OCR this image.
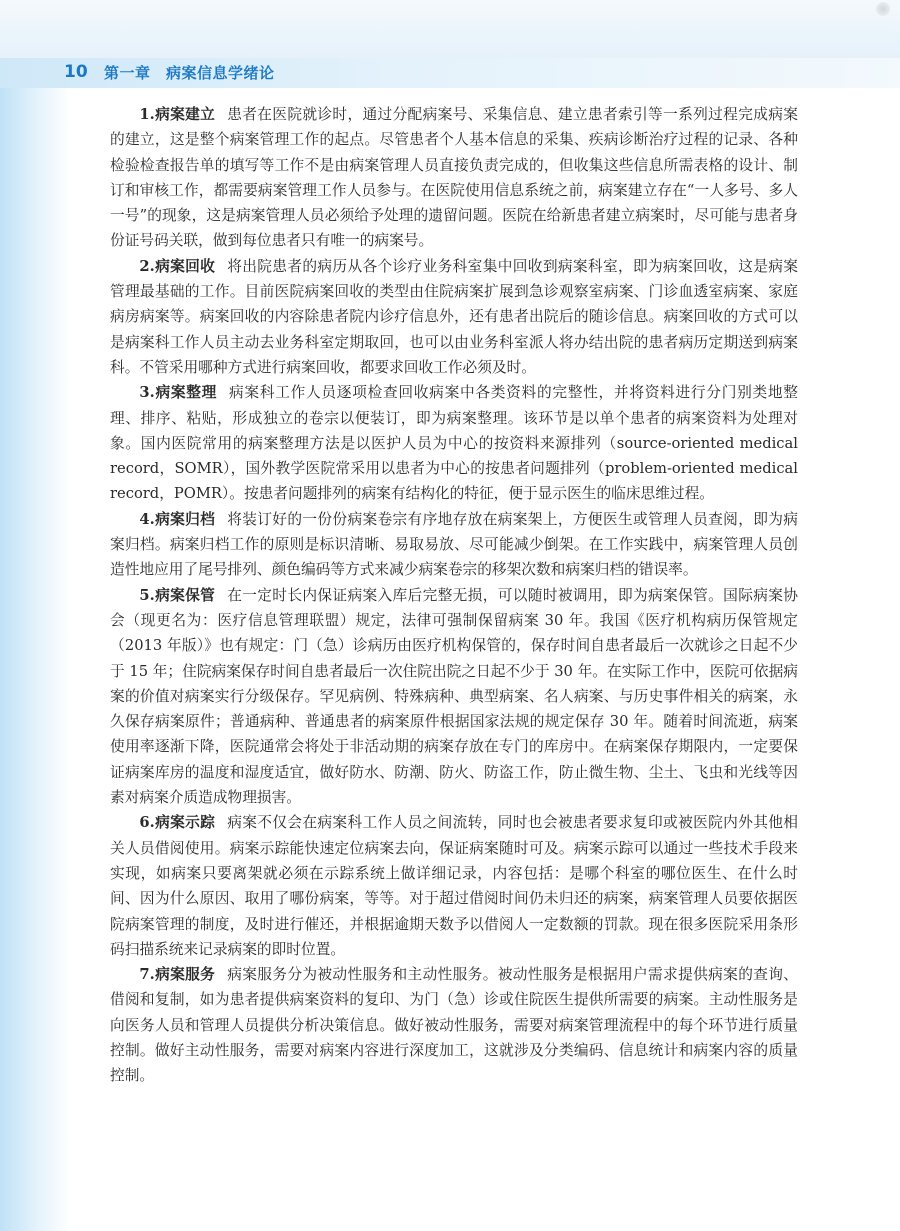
10 第一章　病案信息学绪论

1.病案建立 患者在医院就诊时，通过分配病案号、采集信息、建立患者索引等一系列过程完成病案的建立，这是整个病案管理工作的起点。尽管患者个人基本信息的采集、疾病诊断治疗过程的记录、各种检验检查报告单的填写等工作不是由病案管理人员直接负责完成的，但收集这些信息所需表格的设计、制订和审核工作，都需要病案管理工作人员参与。在医院使用信息系统之前，病案建立存在“一人多号、多人一号”的现象，这是病案管理人员必须给予处理的遗留问题。医院在给新患者建立病案时，尽可能与患者身份证号码关联，做到每位患者只有唯一的病案号。

2.病案回收 将出院患者的病历从各个诊疗业务科室集中回收到病案科室，即为病案回收，这是病案管理最基础的工作。目前医院病案回收的类型由住院病案扩展到急诊观察室病案、门诊血透室病案、家庭病房病案等。病案回收的内容除患者院内诊疗信息外，还有患者出院后的随诊信息。病案回收的方式可以是病案科工作人员主动去业务科室定期取回，也可以由业务科室派人将办结出院的患者病历定期送到病案科。不管采用哪种方式进行病案回收，都要求回收工作必须及时。

3.病案整理 病案科工作人员逐项检查回收病案中各类资料的完整性，并将资料进行分门别类地整理、排序、粘贴，形成独立的卷宗以便装订，即为病案整理。该环节是以单个患者的病案资料为处理对象。国内医院常用的病案整理方法是以医护人员为中心的按资料来源排列（source-oriented medical record，SOMR），国外教学医院常采用以患者为中心的按患者问题排列（problem-oriented medical record，POMR）。按患者问题排列的病案有结构化的特征，便于显示医生的临床思维过程。

4.病案归档 将装订好的一份份病案卷宗有序地存放在病案架上，方便医生或管理人员查阅，即为病案归档。病案归档工作的原则是标识清晰、易取易放、尽可能减少倒架。在工作实践中，病案管理人员创造性地应用了尾号排列、颜色编码等方式来减少病案卷宗的移架次数和病案归档的错误率。

5.病案保管 在一定时长内保证病案入库后完整无损，可以随时被调用，即为病案保管。国际病案协会（现更名为：医疗信息管理联盟）规定，法律可强制保留病案 30 年。我国《医疗机构病历保管规定（2013 年版）》也有规定：门（急）诊病历由医疗机构保管的，保存时间自患者最后一次就诊之日起不少于 15 年；住院病案保存时间自患者最后一次住院出院之日起不少于 30 年。在实际工作中，医院可依据病案的价值对病案实行分级保存。罕见病例、特殊病种、典型病案、名人病案、与历史事件相关的病案，永久保存病案原件；普通病种、普通患者的病案原件根据国家法规的规定保存 30 年。随着时间流逝，病案使用率逐渐下降，医院通常会将处于非活动期的病案存放在专门的库房中。在病案保存期限内，一定要保证病案库房的温度和湿度适宜，做好防水、防潮、防火、防盗工作，防止微生物、尘土、飞虫和光线等因素对病案介质造成物理损害。

6.病案示踪 病案不仅会在病案科工作人员之间流转，同时也会被患者要求复印或被医院内外其他相关人员借阅使用。病案示踪能快速定位病案去向，保证病案随时可及。病案示踪可以通过一些技术手段来实现，如病案只要离架就必须在示踪系统上做详细记录，内容包括：是哪个科室的哪位医生、在什么时间、因为什么原因、取用了哪份病案，等等。对于超过借阅时间仍未归还的病案，病案管理人员要依据医院病案管理的制度，及时进行催还，并根据逾期天数予以借阅人一定数额的罚款。现在很多医院采用条形码扫描系统来记录病案的即时位置。

7.病案服务 病案服务分为被动性服务和主动性服务。被动性服务是根据用户需求提供病案的查询、借阅和复制，如为患者提供病案资料的复印、为门（急）诊或住院医生提供所需要的病案。主动性服务是向医务人员和管理人员提供分析决策信息。做好被动性服务，需要对病案管理流程中的每个环节进行质量控制。做好主动性服务，需要对病案内容进行深度加工，这就涉及分类编码、信息统计和病案内容的质量控制。
